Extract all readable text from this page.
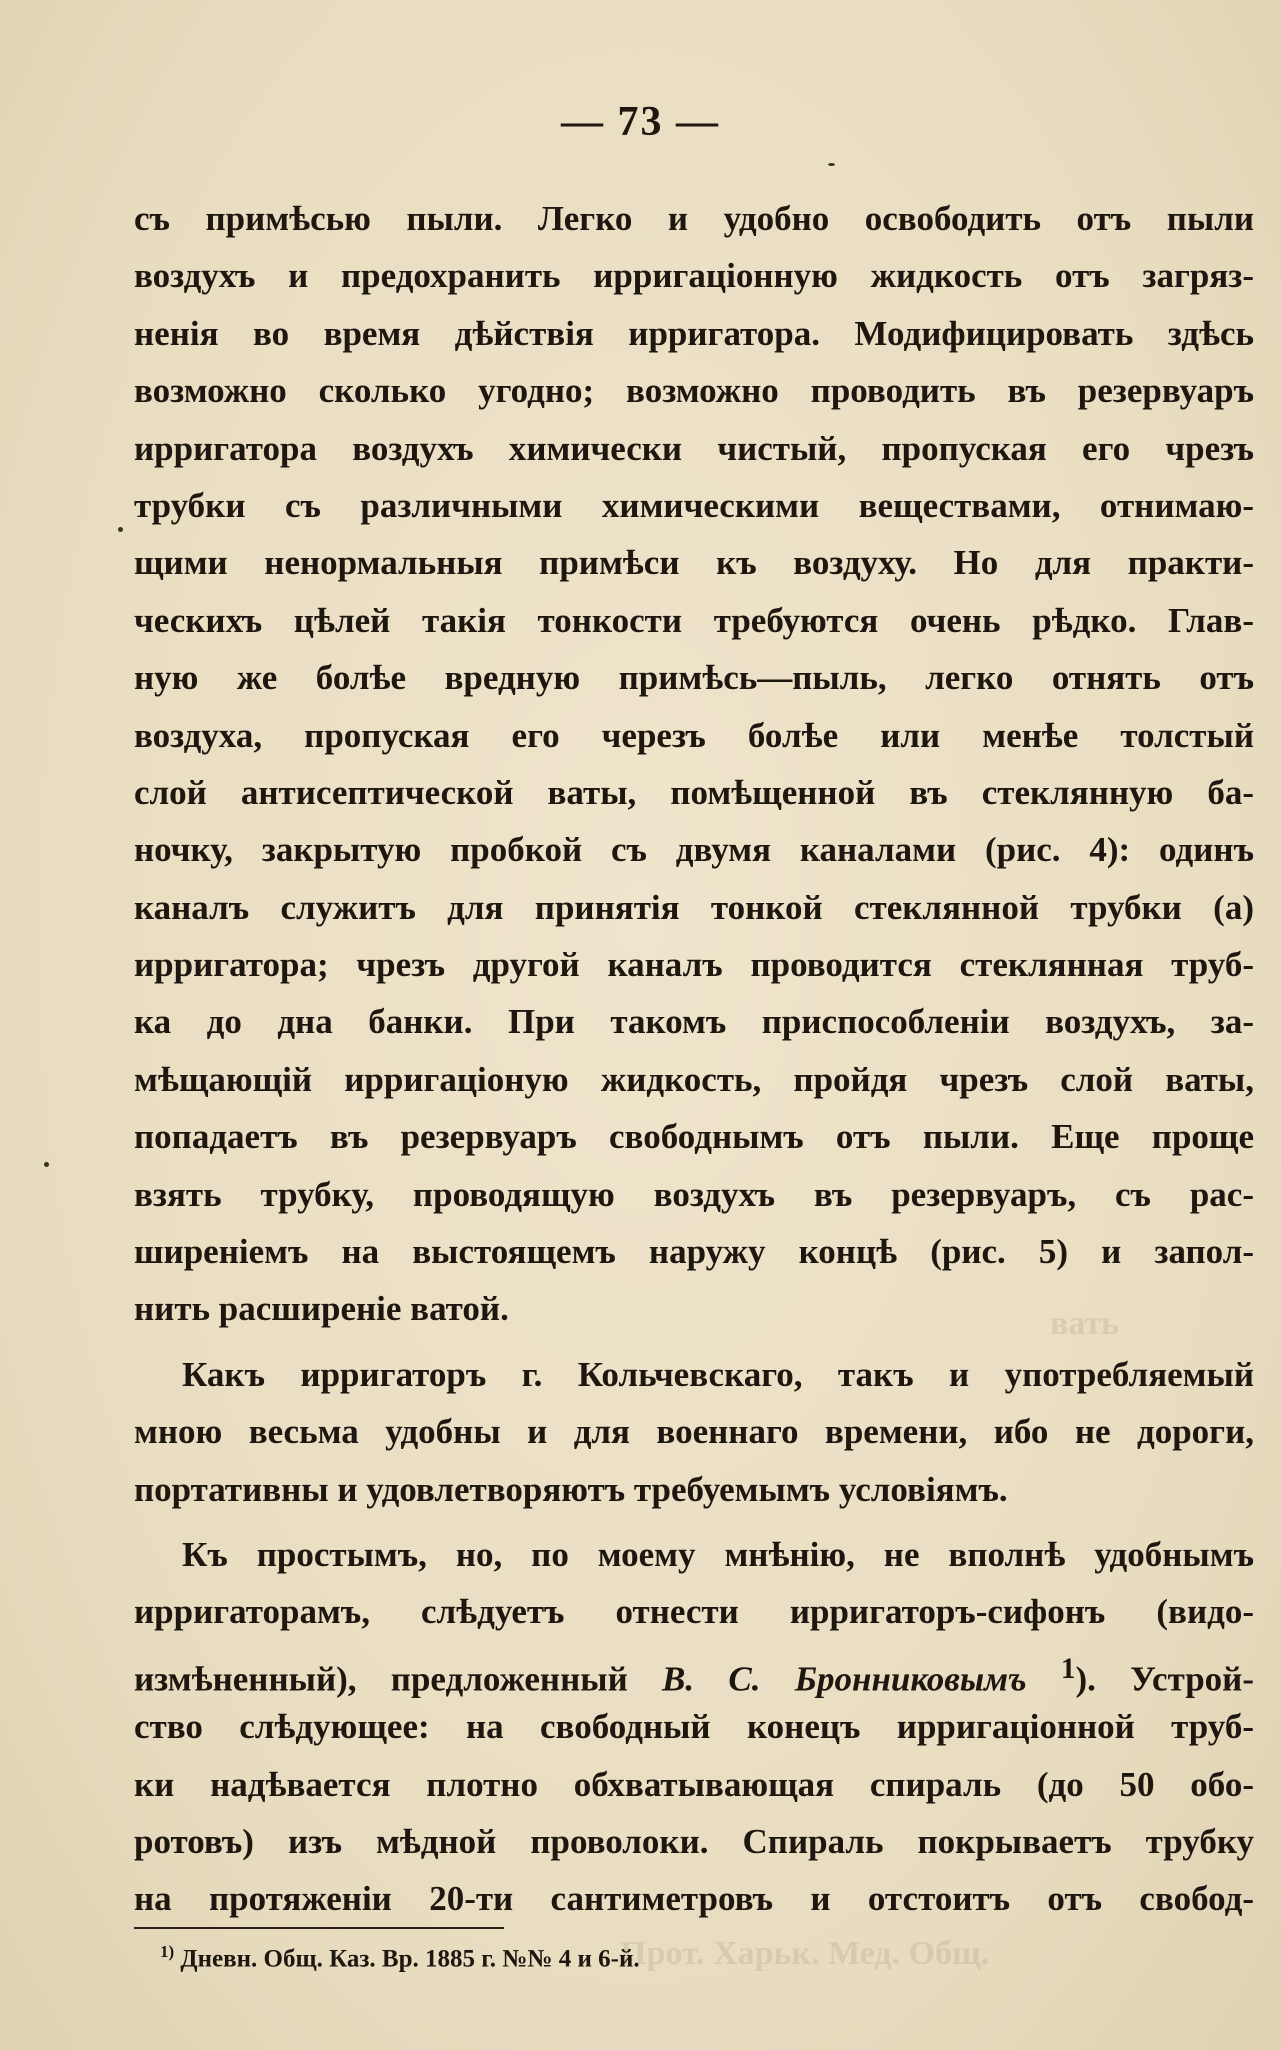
вать
Прот. Харьк. Мед. Общ.
— 73 —
съ примѣсью пыли. Легко и удобно освободить отъ пыли
воздухъ и предохранить ирригаціонную жидкость отъ загряз-
ненія во время дѣйствія ирригатора. Модифицировать здѣсь
возможно сколько угодно; возможно проводить въ резервуаръ
ирригатора воздухъ химически чистый, пропуская его чрезъ
трубки съ различными химическими веществами, отнимаю-
щими ненормальныя примѣси къ воздуху. Но для практи-
ческихъ цѣлей такія тонкости требуются очень рѣдко. Глав-
ную же болѣе вредную примѣсь—пыль, легко отнять отъ
воздуха, пропуская его черезъ болѣе или менѣе толстый
слой антисептической ваты, помѣщенной въ стеклянную ба-
ночку, закрытую пробкой съ двумя каналами (рис. 4): одинъ
каналъ служитъ для принятія тонкой стеклянной трубки (а)
ирригатора; чрезъ другой каналъ проводится стеклянная труб-
ка до дна банки. При такомъ приспособленіи воздухъ, за-
мѣщающій ирригаціоную жидкость, пройдя чрезъ слой ваты,
попадаетъ въ резервуаръ свободнымъ отъ пыли. Еще проще
взять трубку, проводящую воздухъ въ резервуаръ, съ рас-
ширеніемъ на выстоящемъ наружу концѣ (рис. 5) и запол-
нить расширеніе ватой.
Какъ ирригаторъ г. Кольчевскаго, такъ и употребляемый
мною весьма удобны и для военнаго времени, ибо не дороги,
портативны и удовлетворяютъ требуемымъ условіямъ.
Къ простымъ, но, по моему мнѣнію, не вполнѣ удобнымъ
ирригаторамъ, слѣдуетъ отнести ирригаторъ-сифонъ (видо-
измѣненный), предложенный В. С. Бронниковымъ $^1$). Устрой-
ство слѣдующее: на свободный конецъ ирригаціонной труб-
ки надѣвается плотно обхватывающая спираль (до 50 обо-
ротовъ) изъ мѣдной проволоки. Спираль покрываетъ трубку
на протяженіи 20-ти сантиметровъ и отстоитъ отъ свобод-
$^{1)}$ Дневн. Общ. Каз. Вр. 1885 г. №№ 4 и 6-й.
